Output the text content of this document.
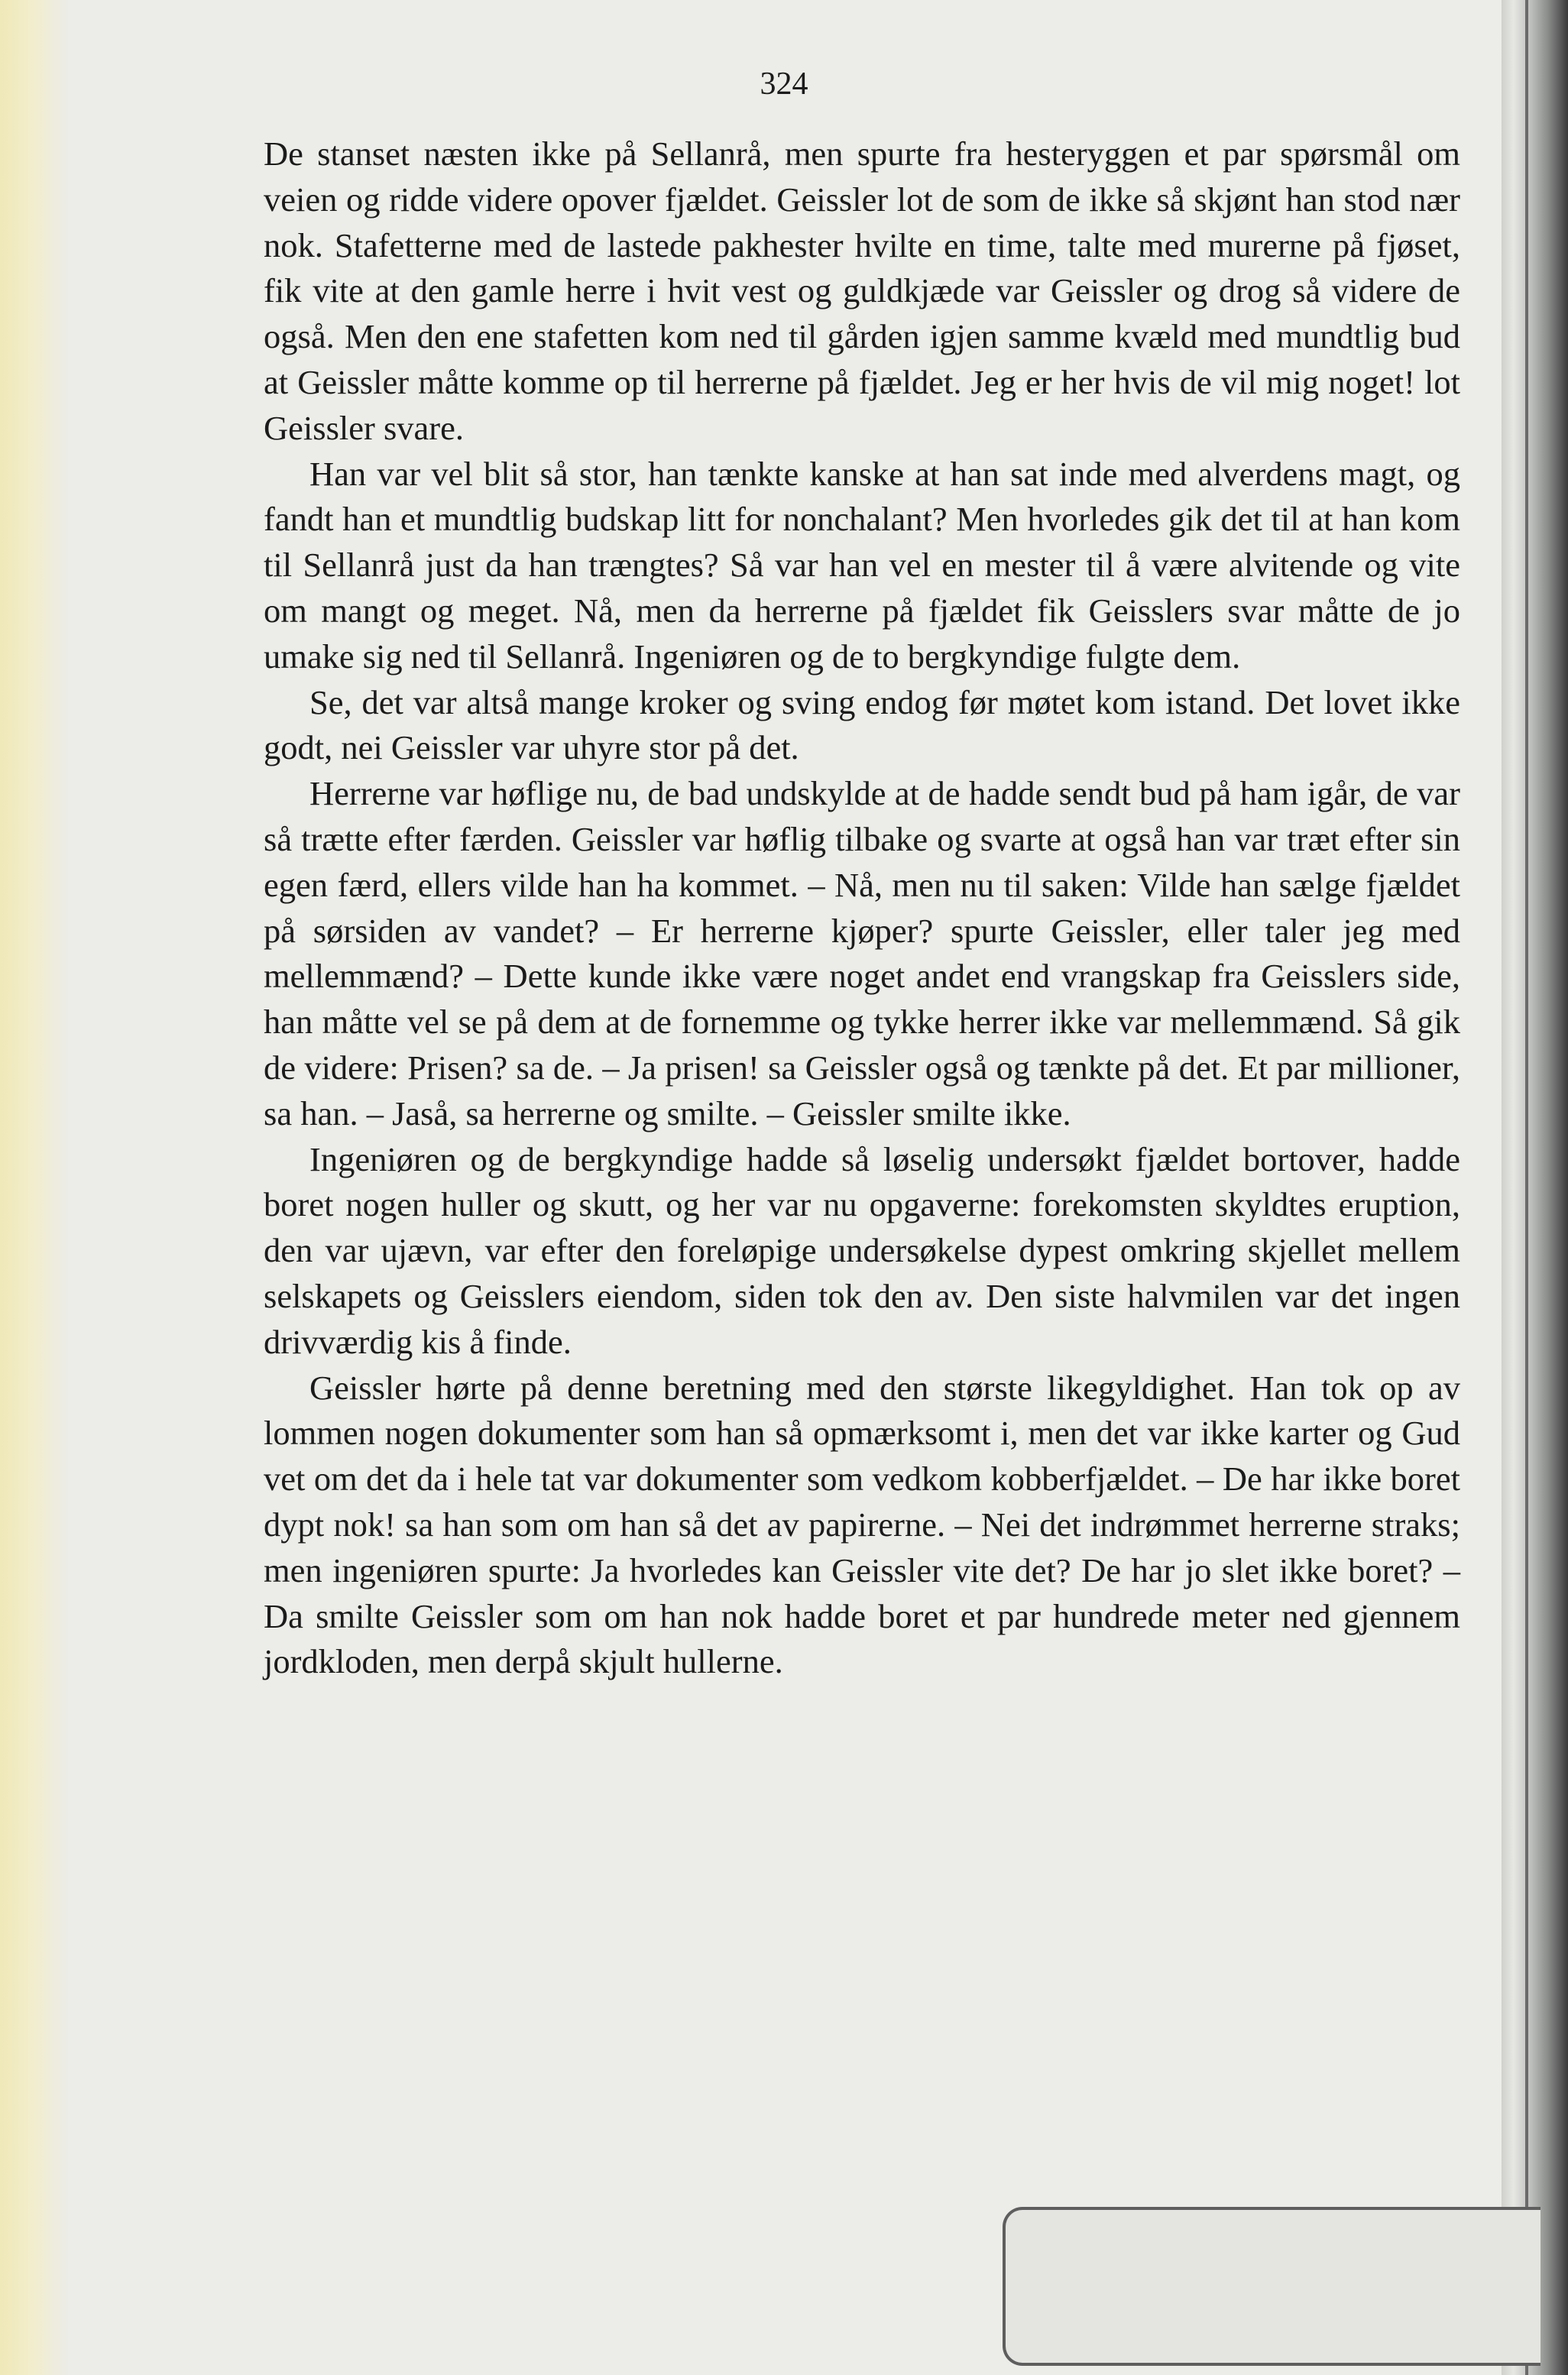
324

De stanset næsten ikke på Sellanrå, men spurte fra hesteryggen et par spørsmål om veien og ridde videre opover fjældet. Geissler lot de som de ikke så skjønt han stod nær nok. Stafetterne med de lastede pakhester hvilte en time, talte med murerne på fjøset, fik vite at den gamle herre i hvit vest og guldkjæde var Geissler og drog så videre de også. Men den ene stafetten kom ned til gården igjen samme kvæld med mundtlig bud at Geissler måtte komme op til herrerne på fjældet. Jeg er her hvis de vil mig noget! lot Geissler svare.

Han var vel blit så stor, han tænkte kanske at han sat inde med alverdens magt, og fandt han et mundtlig budskap litt for nonchalant? Men hvorledes gik det til at han kom til Sellanrå just da han trængtes? Så var han vel en mester til å være alvitende og vite om mangt og meget. Nå, men da herrerne på fjældet fik Geisslers svar måtte de jo umake sig ned til Sellanrå. Ingeniøren og de to bergkyndige fulgte dem.

Se, det var altså mange kroker og sving endog før møtet kom istand. Det lovet ikke godt, nei Geissler var uhyre stor på det.

Herrerne var høflige nu, de bad undskylde at de hadde sendt bud på ham igår, de var så trætte efter færden. Geissler var høflig tilbake og svarte at også han var træt efter sin egen færd, ellers vilde han ha kommet. – Nå, men nu til saken: Vilde han sælge fjældet på sørsiden av vandet? – Er herrerne kjøper? spurte Geissler, eller taler jeg med mellemmænd? – Dette kunde ikke være noget andet end vrangskap fra Geisslers side, han måtte vel se på dem at de fornemme og tykke herrer ikke var mellemmænd. Så gik de videre: Prisen? sa de. – Ja prisen! sa Geissler også og tænkte på det. Et par millioner, sa han. – Jaså, sa herrerne og smilte. – Geissler smilte ikke.

Ingeniøren og de bergkyndige hadde så løselig undersøkt fjældet bortover, hadde boret nogen huller og skutt, og her var nu opgaverne: forekomsten skyldtes eruption, den var ujævn, var efter den foreløpige undersøkelse dypest omkring skjellet mellem selskapets og Geisslers eiendom, siden tok den av. Den siste halvmilen var det ingen drivværdig kis å finde.

Geissler hørte på denne beretning med den største likegyldighet. Han tok op av lommen nogen dokumenter som han så opmærksomt i, men det var ikke karter og Gud vet om det da i hele tat var dokumenter som vedkom kobberfjældet. – De har ikke boret dypt nok! sa han som om han så det av papirerne. – Nei det indrømmet herrerne straks; men ingeniøren spurte: Ja hvorledes kan Geissler vite det? De har jo slet ikke boret? – Da smilte Geissler som om han nok hadde boret et par hundrede meter ned gjennem jordkloden, men derpå skjult hullerne.
